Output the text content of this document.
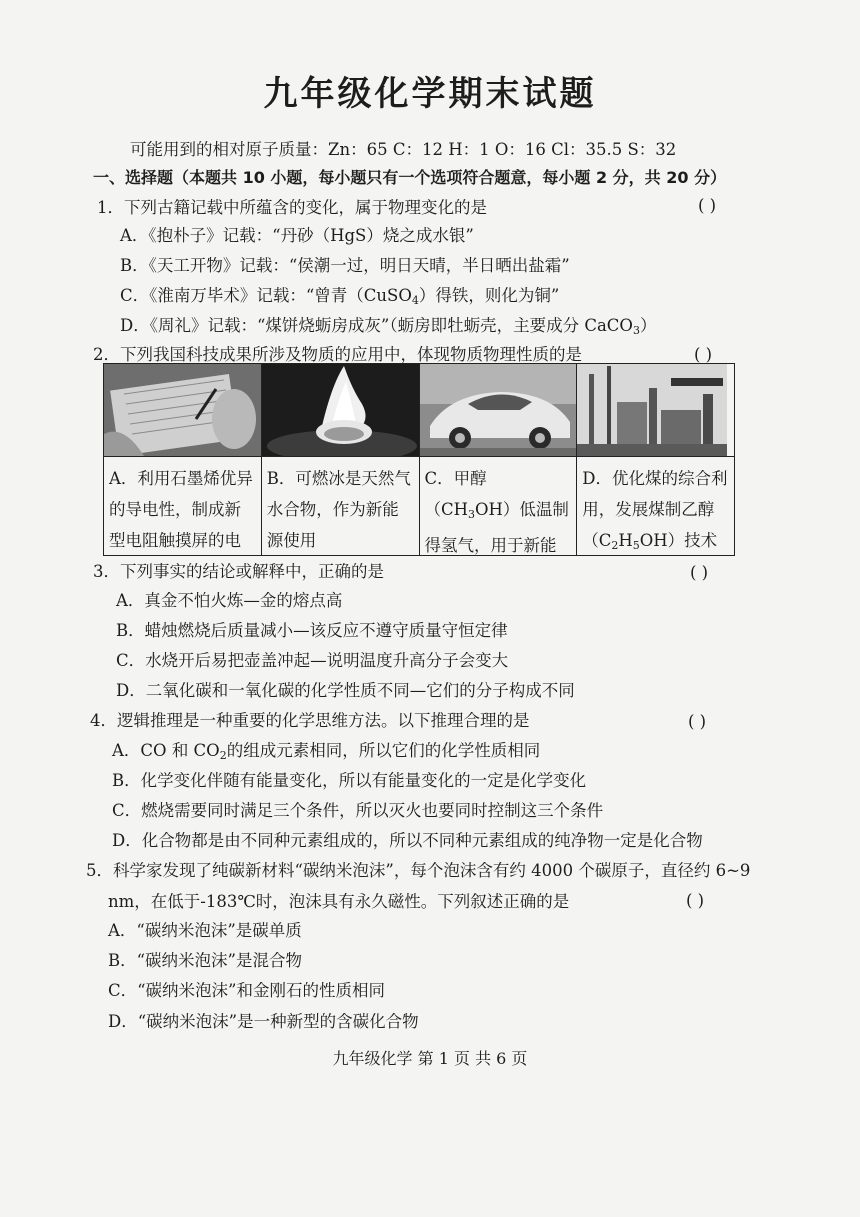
九年级化学期末试题
可能用到的相对原子质量：Zn：65 C：12 H：1 O：16 Cl：35.5 S：32
一、选择题（本题共 10 小题，每小题只有一个选项符合题意，每小题 2 分，共 20 分）
1．下列古籍记载中所蕴含的变化，属于物理变化的是	( )
A．《抱朴子》记载：“丹砂（HgS）烧之成水银”
B．《天工开物》记载：“侯潮一过，明日天晴，半日晒出盐霜”
C．《淮南万毕术》记载：“曾青（CuSO$_4$）得铁，则化为铜”
D．《周礼》记载：“煤饼烧蛎房成灰”（蛎房即牡蛎壳，主要成分 CaCO$_3$）
2．下列我国科技成果所涉及物质的应用中，体现物质物理性质的是	( )

A．利用石墨烯优异的导电性，制成新型电阻触摸屏的电	B．可燃冰是天然气水合物，作为新能源使用	C．甲醇$(CH_3OH)$低温制得氢气，用于新能	D．优化煤的综合利用，发展煤制乙醇$(C_2H_5OH)$技术
3．下列事实的结论或解释中，正确的是	( )
A．真金不怕火炼—金的熔点高
B．蜡烛燃烧后质量减小—该反应不遵守质量守恒定律
C．水烧开后易把壶盖冲起—说明温度升高分子会变大
D．二氧化碳和一氧化碳的化学性质不同—它们的分子构成不同
4．逻辑推理是一种重要的化学思维方法。以下推理合理的是	( )
A．CO 和 $CO_2$的组成元素相同，所以它们的化学性质相同
B．化学变化伴随有能量变化，所以有能量变化的一定是化学变化
C．燃烧需要同时满足三个条件，所以灭火也要同时控制这三个条件
D．化合物都是由不同种元素组成的，所以不同种元素组成的纯净物一定是化合物
5．科学家发现了纯碳新材料“碳纳米泡沫”，每个泡沫含有约 4000 个碳原子，直径约 6~9
nm，在低于-183℃时，泡沫具有永久磁性。下列叙述正确的是	( )
A．“碳纳米泡沫”是碳单质
B．“碳纳米泡沫”是混合物
C．“碳纳米泡沫”和金刚石的性质相同
D．“碳纳米泡沫”是一种新型的含碳化合物
九年级化学 第 1 页 共 6 页
